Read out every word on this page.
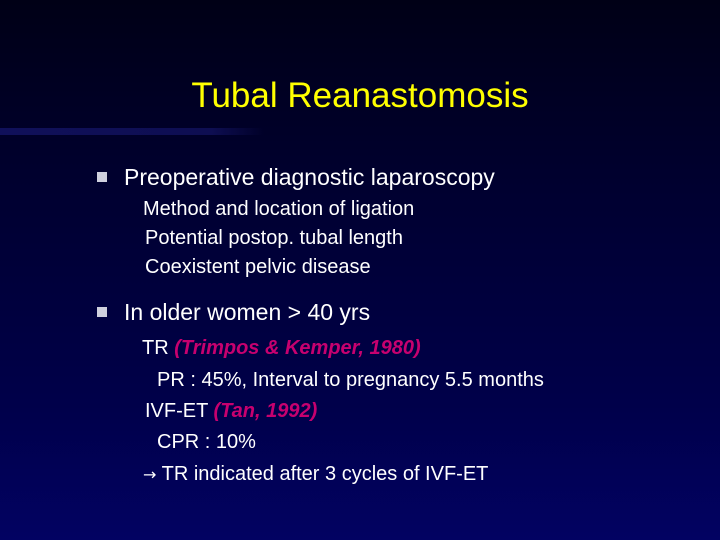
Tubal Reanastomosis
Preoperative diagnostic laparoscopy
Method and location of ligation
Potential postop. tubal length
Coexistent pelvic disease
In older women > 40 yrs
TR (Trimpos & Kemper, 1980)
PR : 45%, Interval to pregnancy 5.5 months
IVF-ET (Tan, 1992)
CPR : 10%
→ TR indicated after 3 cycles of IVF-ET
